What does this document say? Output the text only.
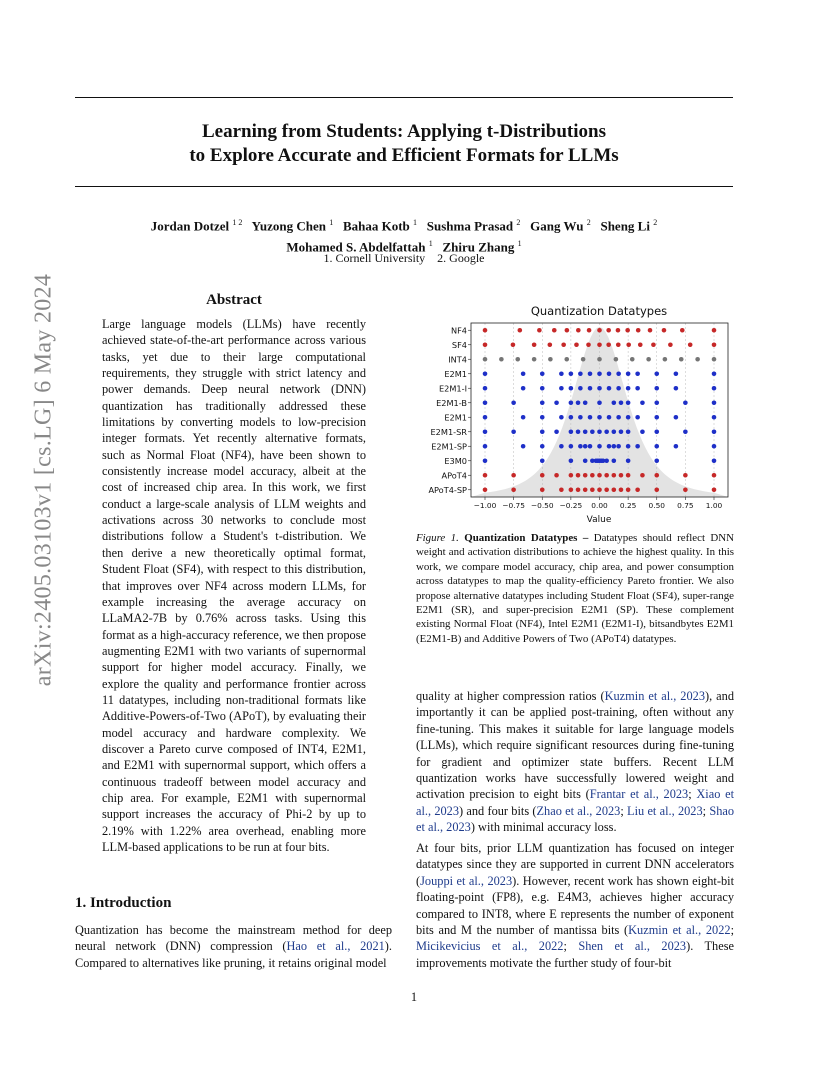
arXiv:2405.03103v1 [cs.LG] 6 May 2024
Learning from Students: Applying t-Distributions
to Explore Accurate and Efficient Formats for LLMs
Jordan Dotzel $^{1 2}$ Yuzong Chen $^1$ Bahaa Kotb $^1$ Sushma Prasad $^2$ Gang Wu $^2$ Sheng Li $^2$
Mohamed S. Abdelfattah $^1$ Zhiru Zhang $^1$
1. Cornell University    2. Google
Abstract
Large language models (LLMs) have recently achieved state-of-the-art performance across various tasks, yet due to their large computational requirements, they struggle with strict latency and power demands. Deep neural network (DNN) quantization has traditionally addressed these limitations by converting models to low-precision integer formats. Yet recently alternative formats, such as Normal Float (NF4), have been shown to consistently increase model accuracy, albeit at the cost of increased chip area. In this work, we first conduct a large-scale analysis of LLM weights and activations across 30 networks to conclude most distributions follow a Student's t-distribution. We then derive a new theoretically optimal format, Student Float (SF4), with respect to this distribution, that improves over NF4 across modern LLMs, for example increasing the average accuracy on LLaMA2-7B by 0.76% across tasks. Using this format as a high-accuracy reference, we then propose augmenting E2M1 with two variants of supernormal support for higher model accuracy. Finally, we explore the quality and performance frontier across 11 datatypes, including non-traditional formats like Additive-Powers-of-Two (APoT), by evaluating their model accuracy and hardware complexity. We discover a Pareto curve composed of INT4, E2M1, and E2M1 with supernormal support, which offers a continuous tradeoff between model accuracy and chip area. For example, E2M1 with supernormal support increases the accuracy of Phi-2 by up to 2.19% with 1.22% area overhead, enabling more LLM-based applications to be run at four bits.
1. Introduction
Quantization has become the mainstream method for deep neural network (DNN) compression (Hao et al., 2021). Compared to alternatives like pruning, it retains original model
Quantization Datatypes
NF4
SF4
INT4
E2M1
E2M1-I
E2M1-B
E2M1
E2M1-SR
E2M1-SP
E3M0
APoT4
APoT4-SP
−1.00 −0.75 −0.50 −0.25 0.00 0.25 0.50 0.75 1.00
Value
Figure 1. Quantization Datatypes – Datatypes should reflect DNN weight and activation distributions to achieve the highest quality. In this work, we compare model accuracy, chip area, and power consumption across datatypes to map the quality-efficiency Pareto frontier. We also propose alternative datatypes including Student Float (SF4), super-range E2M1 (SR), and super-precision E2M1 (SP). These complement existing Normal Float (NF4), Intel E2M1 (E2M1-I), bitsandbytes E2M1 (E2M1-B) and Additive Powers of Two (APoT4) datatypes.
quality at higher compression ratios (Kuzmin et al., 2023), and importantly it can be applied post-training, often without any fine-tuning. This makes it suitable for large language models (LLMs), which require significant resources during fine-tuning for gradient and optimizer state buffers. Recent LLM quantization works have successfully lowered weight and activation precision to eight bits (Frantar et al., 2023; Xiao et al., 2023) and four bits (Zhao et al., 2023; Liu et al., 2023; Shao et al., 2023) with minimal accuracy loss.
At four bits, prior LLM quantization has focused on integer datatypes since they are supported in current DNN accelerators (Jouppi et al., 2023). However, recent work has shown eight-bit floating-point (FP8), e.g. E4M3, achieves higher accuracy compared to INT8, where E represents the number of exponent bits and M the number of mantissa bits (Kuzmin et al., 2022; Micikevicius et al., 2022; Shen et al., 2023). These improvements motivate the further study of four-bit
1
